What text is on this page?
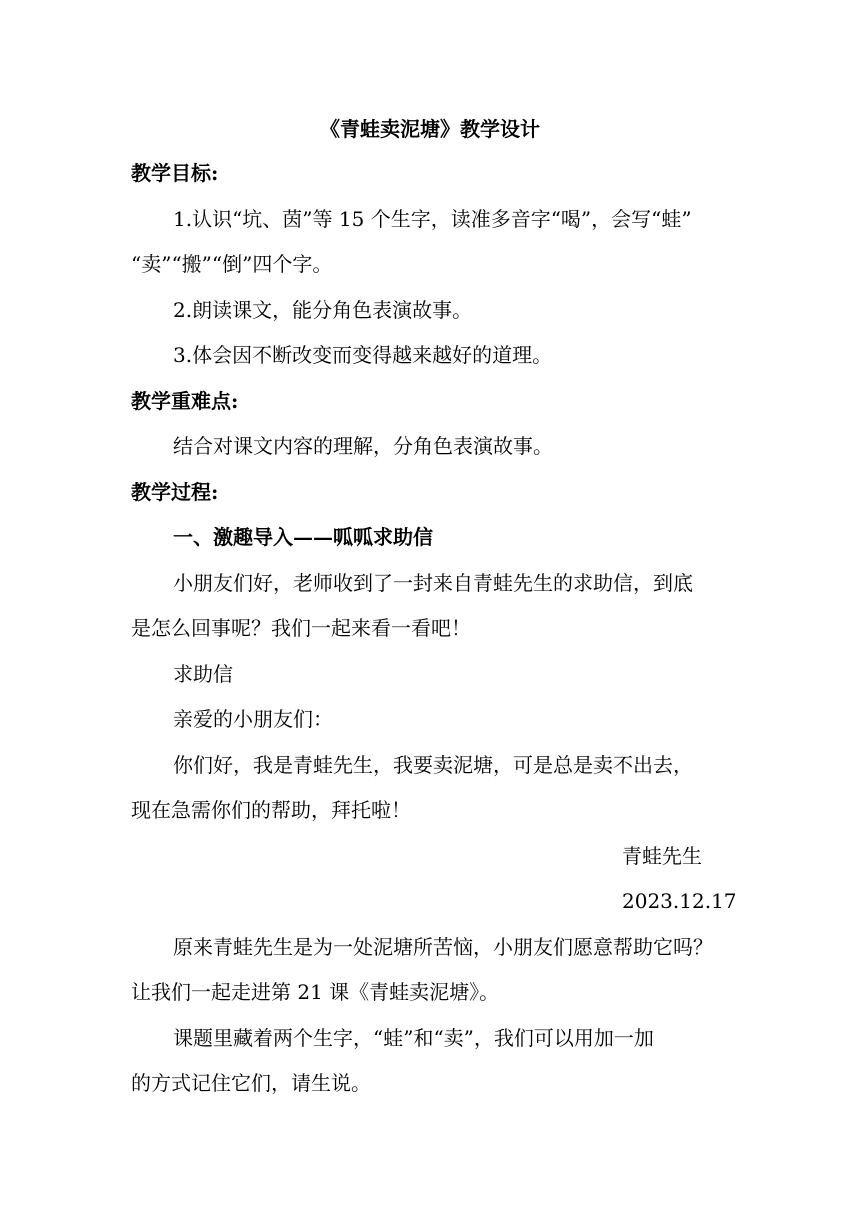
《青蛙卖泥塘》教学设计
教学目标:
1.认识“坑、茵”等 15 个生字，读准多音字“喝”，会写“蛙”
“卖”“搬”“倒”四个字。
2.朗读课文，能分角色表演故事。
3.体会因不断改变而变得越来越好的道理。
教学重难点:
结合对课文内容的理解，分角色表演故事。
教学过程:
一、激趣导入——呱呱求助信
小朋友们好，老师收到了一封来自青蛙先生的求助信，到底
是怎么回事呢？我们一起来看一看吧！
求助信
亲爱的小朋友们：
你们好，我是青蛙先生，我要卖泥塘，可是总是卖不出去，
现在急需你们的帮助，拜托啦！
青蛙先生
2023.12.17
原来青蛙先生是为一处泥塘所苦恼，小朋友们愿意帮助它吗？
让我们一起走进第 21 课《青蛙卖泥塘》。
课题里藏着两个生字，“蛙”和“卖”，我们可以用加一加
的方式记住它们，请生说。
